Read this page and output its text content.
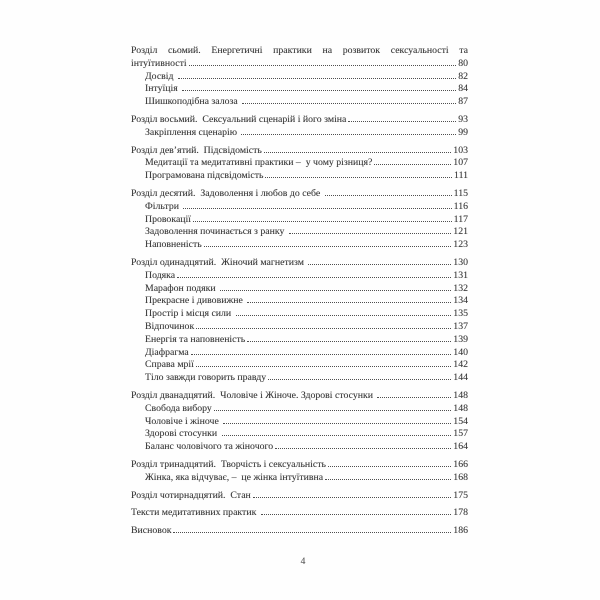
Розділ сьомий. Енергетичні практики на розвиток сексуальності та
інтуїтивності	80
Досвід	82
Інтуїція	84
Шишкоподібна залоза	87
Розділ восьмий.  Сексуальний сценарій і його зміна	93
Закріплення сценарію	99
Розділ дев’ятий.  Підсвідомість	103
Медитації та медитативні практики –  у чому різниця?	107
Програмована підсвідомість	111
Розділ десятий.  Задоволення і любов до себе	115
Фільтри	116
Провокації	117
Задоволення починається з ранку	121
Наповненість	123
Розділ одинадцятий.  Жіночий магнетизм	130
Подяка	131
Марафон подяки	132
Прекрасне і дивовижне	134
Простір і місця сили	135
Відпочинок	137
Енергія та наповненість	139
Діафрагма	140
Справа мрії	142
Тіло завжди говорить правду	144
Розділ дванадцятий.  Чоловіче і Жіноче. Здорові стосунки	148
Свобода вибору	148
Чоловіче і жіноче	154
Здорові стосунки	157
Баланс чоловічого та жіночого	164
Розділ тринадцятий.  Творчість і сексуальність	166
Жінка, яка відчуває, –  це жінка інтуїтивна	168
Розділ чотирнадцятий.  Стан	175
Тексти медитативних практик	178
Висновок	186
4
